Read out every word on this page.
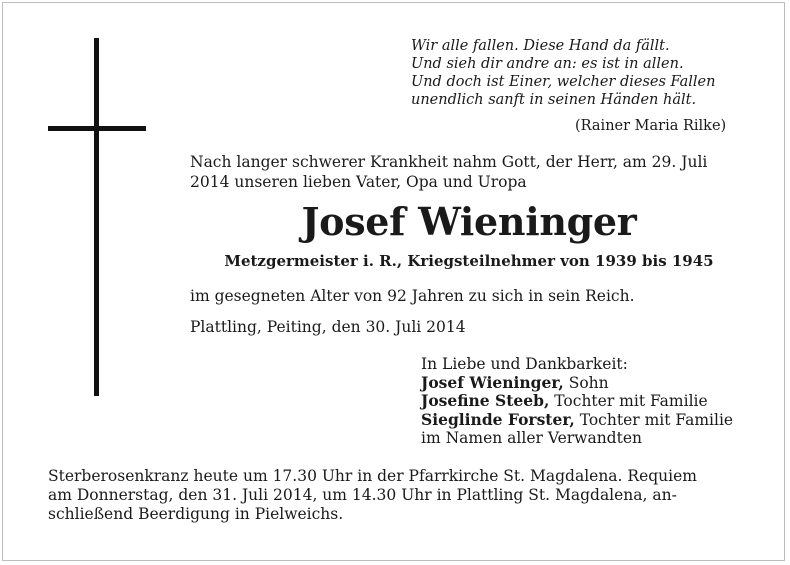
Wir alle fallen. Diese Hand da fällt.
Und sieh dir andre an: es ist in allen.
Und doch ist Einer, welcher dieses Fallen
unendlich sanft in seinen Händen hält.
(Rainer Maria Rilke)
Nach langer schwerer Krankheit nahm Gott, der Herr, am 29. Juli
2014 unseren lieben Vater, Opa und Uropa
Josef Wieninger
Metzgermeister i. R., Kriegsteilnehmer von 1939 bis 1945
im gesegneten Alter von 92 Jahren zu sich in sein Reich.
Plattling, Peiting, den 30. Juli 2014
In Liebe und Dankbarkeit:
Josef Wieninger, Sohn
Josefine Steeb, Tochter mit Familie
Sieglinde Forster, Tochter mit Familie
im Namen aller Verwandten
Sterberosenkranz heute um 17.30 Uhr in der Pfarrkirche St. Magdalena. Requiem
am Donnerstag, den 31. Juli 2014, um 14.30 Uhr in Plattling St. Magdalena, an-
schließend Beerdigung in Pielweichs.
